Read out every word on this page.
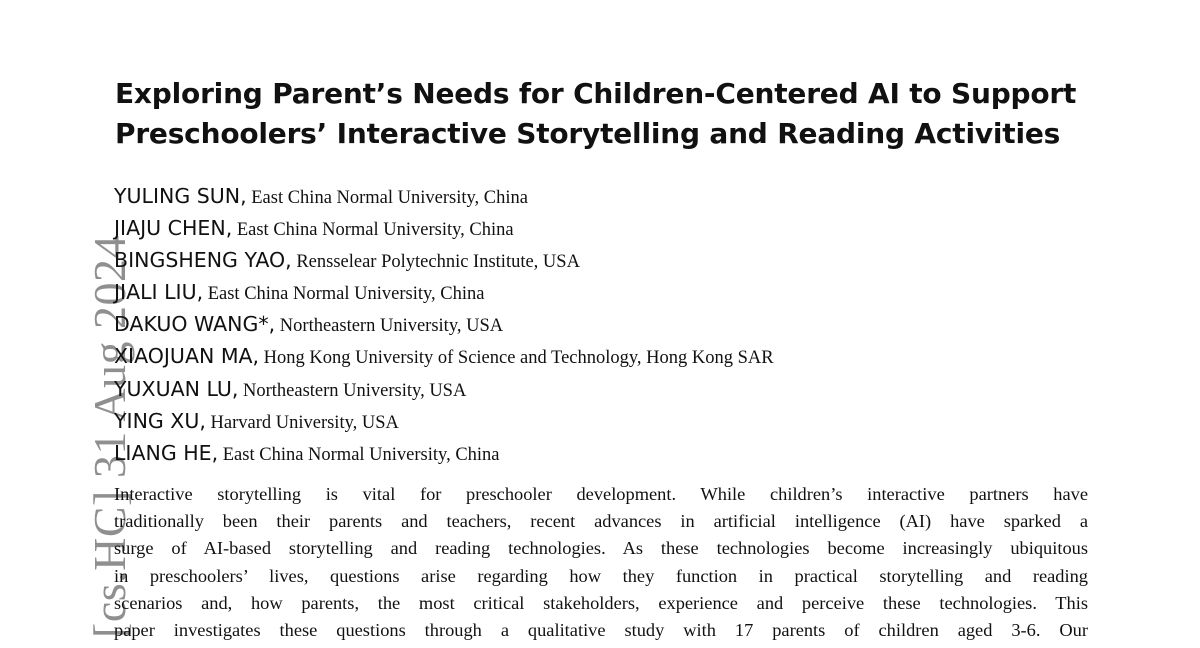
[cs.HC] 31 Aug 2024
Exploring Parent’s Needs for Children-Centered AI to Support
Preschoolers’ Interactive Storytelling and Reading Activities
YULING SUN, East China Normal University, China
JIAJU CHEN, East China Normal University, China
BINGSHENG YAO, Rensselear Polytechnic Institute, USA
JIALI LIU, East China Normal University, China
DAKUO WANG*, Northeastern University, USA
XIAOJUAN MA, Hong Kong University of Science and Technology, Hong Kong SAR
YUXUAN LU, Northeastern University, USA
YING XU, Harvard University, USA
LIANG HE, East China Normal University, China
Interactive storytelling is vital for preschooler development. While children’s interactive partners have
traditionally been their parents and teachers, recent advances in artificial intelligence (AI) have sparked a
surge of AI-based storytelling and reading technologies. As these technologies become increasingly ubiquitous
in preschoolers’ lives, questions arise regarding how they function in practical storytelling and reading
scenarios and, how parents, the most critical stakeholders, experience and perceive these technologies. This
paper investigates these questions through a qualitative study with 17 parents of children aged 3-6. Our
